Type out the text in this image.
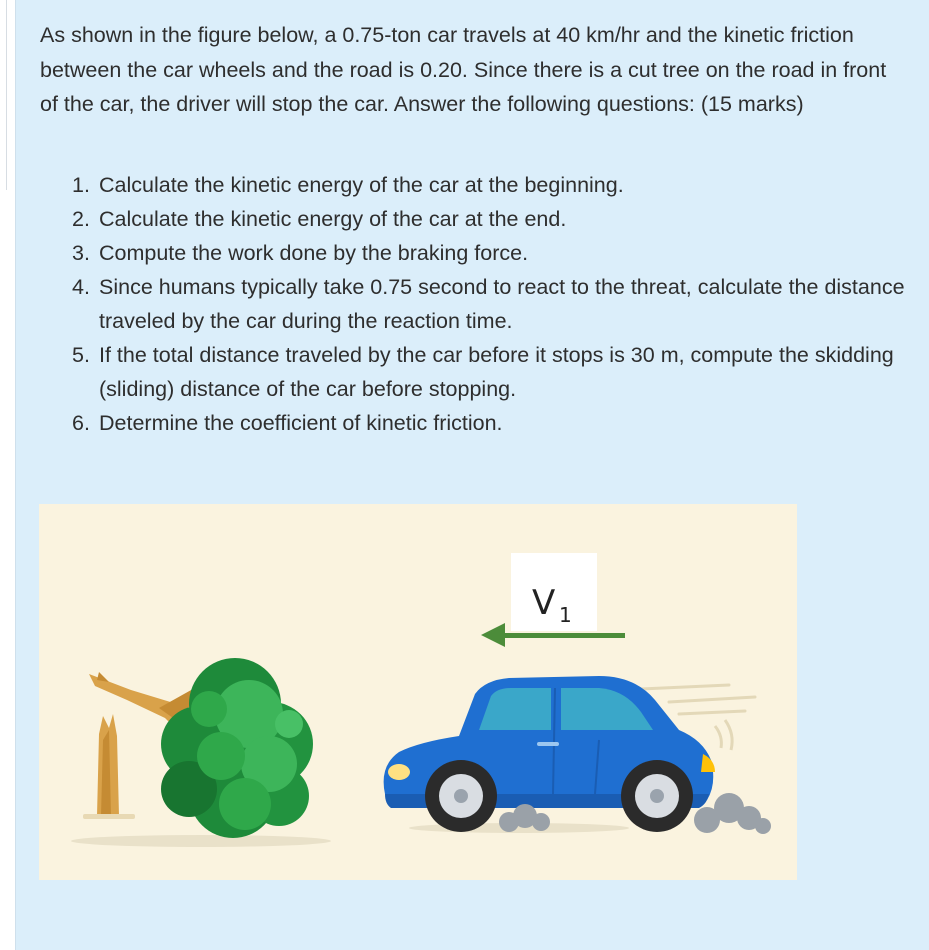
As shown in the figure below, a 0.75-ton car travels at 40 km/hr and the kinetic friction between the car wheels and the road is 0.20. Since there is a cut tree on the road in front of the car, the driver will stop the car. Answer the following questions: (15 marks)

1. Calculate the kinetic energy of the car at the beginning.
2. Calculate the kinetic energy of the car at the end.
3. Compute the work done by the braking force.
4. Since humans typically take 0.75 second to react to the threat, calculate the distance traveled by the car during the reaction time.
5. If the total distance traveled by the car before it stops is 30 m, compute the skidding (sliding) distance of the car before stopping.
6. Determine the coefficient of kinetic friction.
V 1
